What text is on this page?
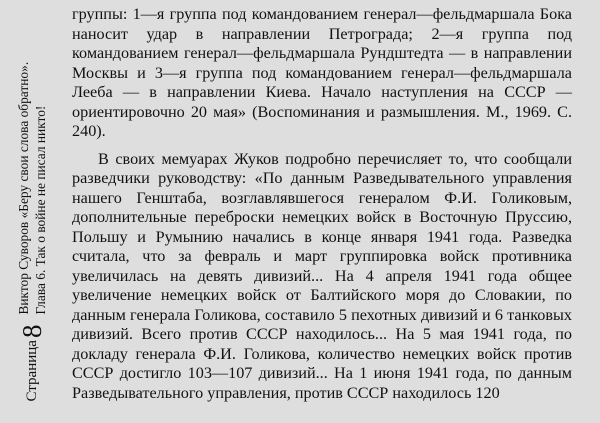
Страница
8
Виктор Суворов «Беру свои слова обратно». Глава 6. Так о войне не писал никто!

группы: 1—я группа под командованием генерал—фельдмаршала Бока наносит удар в направлении Петрограда; 2—я группа под командованием генерал—фельдмаршала Рундштедта — в направлении Москвы и 3—я группа под командованием генерал—фельдмаршала Лееба — в направлении Киева. Начало наступления на СССР — ориентировочно 20 мая» (Воспоминания и размышления. М., 1969. С. 240).

В своих мемуарах Жуков подробно перечисляет то, что сообщали разведчики руководству: «По данным Разведывательного управления нашего Генштаба, возглавлявшегося генералом Ф.И. Голиковым, дополнительные переброски немецких войск в Восточную Пруссию, Польшу и Румынию начались в конце января 1941 года. Разведка считала, что за февраль и март группировка войск противника увеличилась на девять дивизий... На 4 апреля 1941 года общее увеличение немецких войск от Балтийского моря до Словакии, по данным генерала Голикова, составило 5 пехотных дивизий и 6 танковых дивизий. Всего против СССР находилось... На 5 мая 1941 года, по докладу генерала Ф.И. Голикова, количество немецких войск против СССР достигло 103—107 дивизий... На 1 июня 1941 года, по данным Разведывательного управления, против СССР находилось 120
